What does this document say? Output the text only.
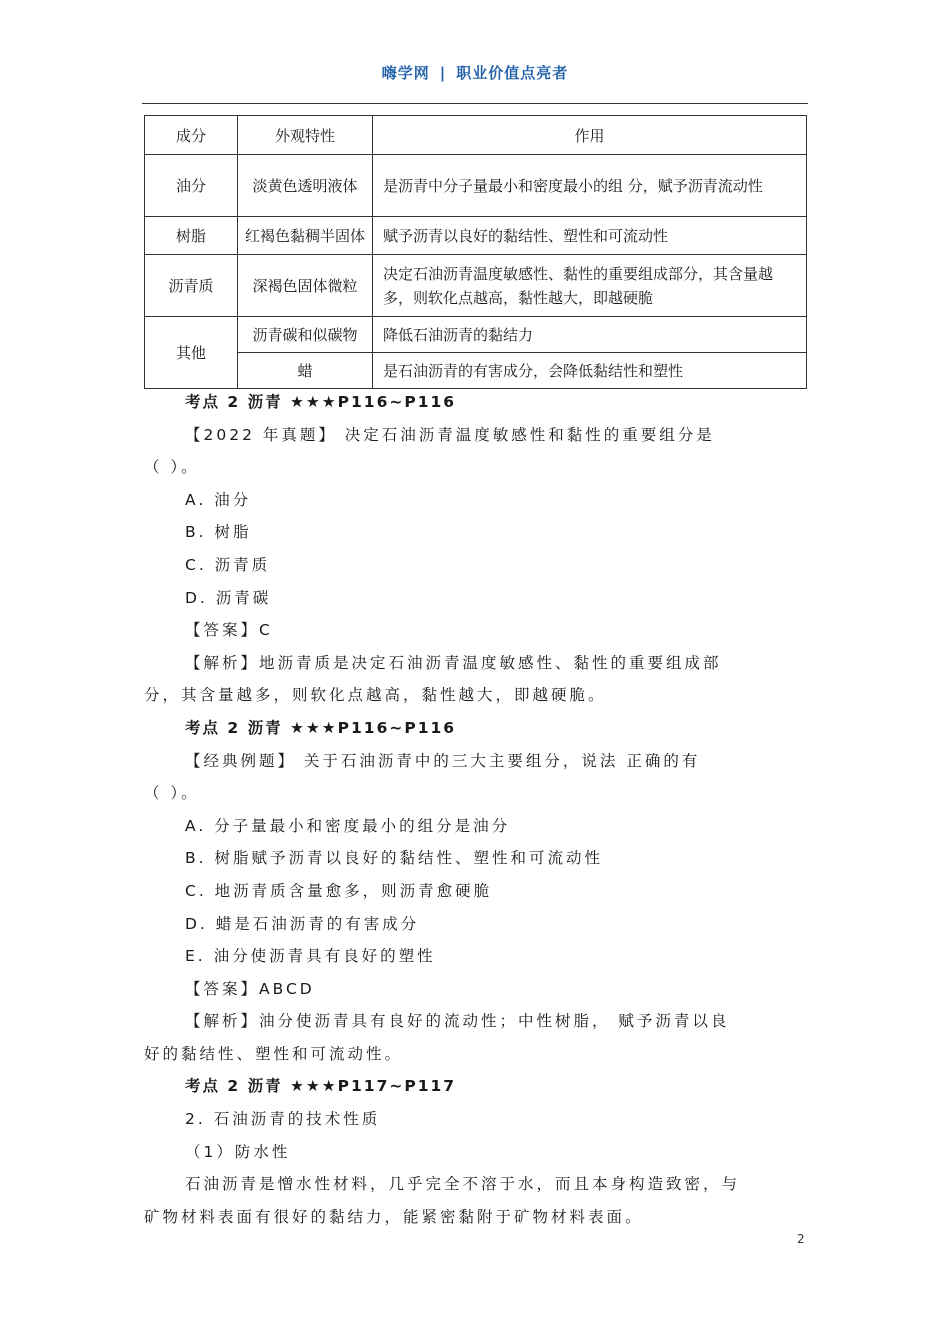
嗨学网 | 职业价值点亮者
成分	外观特性	作用
油分	淡黄色透明液体	是沥青中分子量最小和密度最小的组 分，赋予沥青流动性
树脂	红褐色黏稠半固体	赋予沥青以良好的黏结性、塑性和可流动性
沥青质	深褐色固体微粒	决定石油沥青温度敏感性、黏性的重要组成部分，其含量越多，则软化点越高，黏性越大，即越硬脆
其他	沥青碳和似碳物	降低石油沥青的黏结力
	蜡	是石油沥青的有害成分，会降低黏结性和塑性
考点 2 沥青 ★★★P116~P116
【2022 年真题】 决定石油沥青温度敏感性和黏性的重要组分是
（ ）。
A. 油分
B. 树脂
C. 沥青质
D. 沥青碳
【答案】C
【解析】地沥青质是决定石油沥青温度敏感性、黏性的重要组成部
分，其含量越多，则软化点越高，黏性越大，即越硬脆。
考点 2 沥青 ★★★P116~P116
【经典例题】 关于石油沥青中的三大主要组分，说法 正确的有
（ ）。
A. 分子量最小和密度最小的组分是油分
B. 树脂赋予沥青以良好的黏结性、塑性和可流动性
C. 地沥青质含量愈多，则沥青愈硬脆
D. 蜡是石油沥青的有害成分
E. 油分使沥青具有良好的塑性
【答案】ABCD
【解析】油分使沥青具有良好的流动性；中性树脂， 赋予沥青以良
好的黏结性、塑性和可流动性。
考点 2 沥青 ★★★P117~P117
2. 石油沥青的技术性质
（1）防水性
石油沥青是憎水性材料，几乎完全不溶于水，而且本身构造致密，与
矿物材料表面有很好的黏结力，能紧密黏附于矿物材料表面。
2
